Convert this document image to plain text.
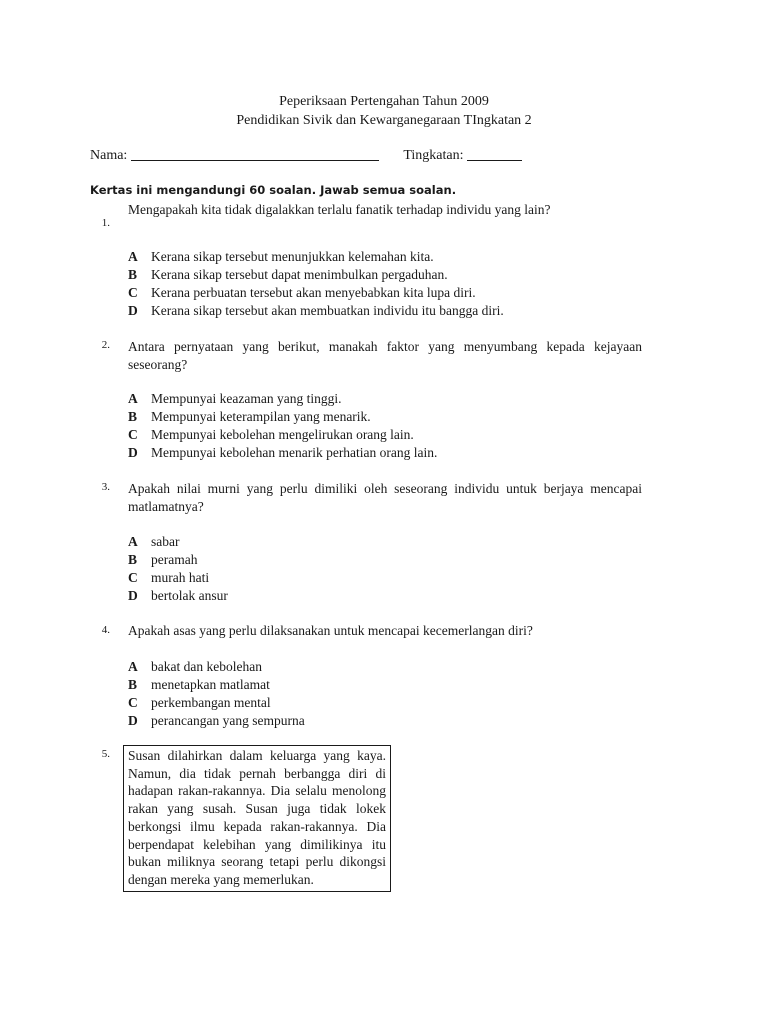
Peperiksaan Pertengahan Tahun 2009
Pendidikan Sivik dan Kewarganegaraan TIngkatan 2
Nama:	Tingkatan:
Kertas ini mengandungi 60 soalan. Jawab semua soalan.
1.
Mengapakah kita tidak digalakkan terlalu fanatik terhadap individu yang lain?
A Kerana sikap tersebut menunjukkan kelemahan kita.
B Kerana sikap tersebut dapat menimbulkan pergaduhan.
C Kerana perbuatan tersebut akan menyebabkan kita lupa diri.
D Kerana sikap tersebut akan membuatkan individu itu bangga diri.
2. Antara pernyataan yang berikut, manakah faktor yang menyumbang kepada kejayaan seseorang?
A Mempunyai keazaman yang tinggi.
B Mempunyai keterampilan yang menarik.
C Mempunyai kebolehan mengelirukan orang lain.
D Mempunyai kebolehan menarik perhatian orang lain.
3. Apakah nilai murni yang perlu dimiliki oleh seseorang individu untuk berjaya mencapai matlamatnya?
A sabar
B peramah
C murah hati
D bertolak ansur
4. Apakah asas yang perlu dilaksanakan untuk mencapai kecemerlangan diri?
A bakat dan kebolehan
B menetapkan matlamat
C perkembangan mental
D perancangan yang sempurna
5.	Susan dilahirkan dalam keluarga yang kaya. Namun, dia tidak pernah berbangga diri di hadapan rakan-rakannya. Dia selalu menolong rakan yang susah. Susan juga tidak lokek berkongsi ilmu kepada rakan-rakannya. Dia berpendapat kelebihan yang dimilikinya itu bukan miliknya seorang tetapi perlu dikongsi dengan mereka yang memerlukan.
